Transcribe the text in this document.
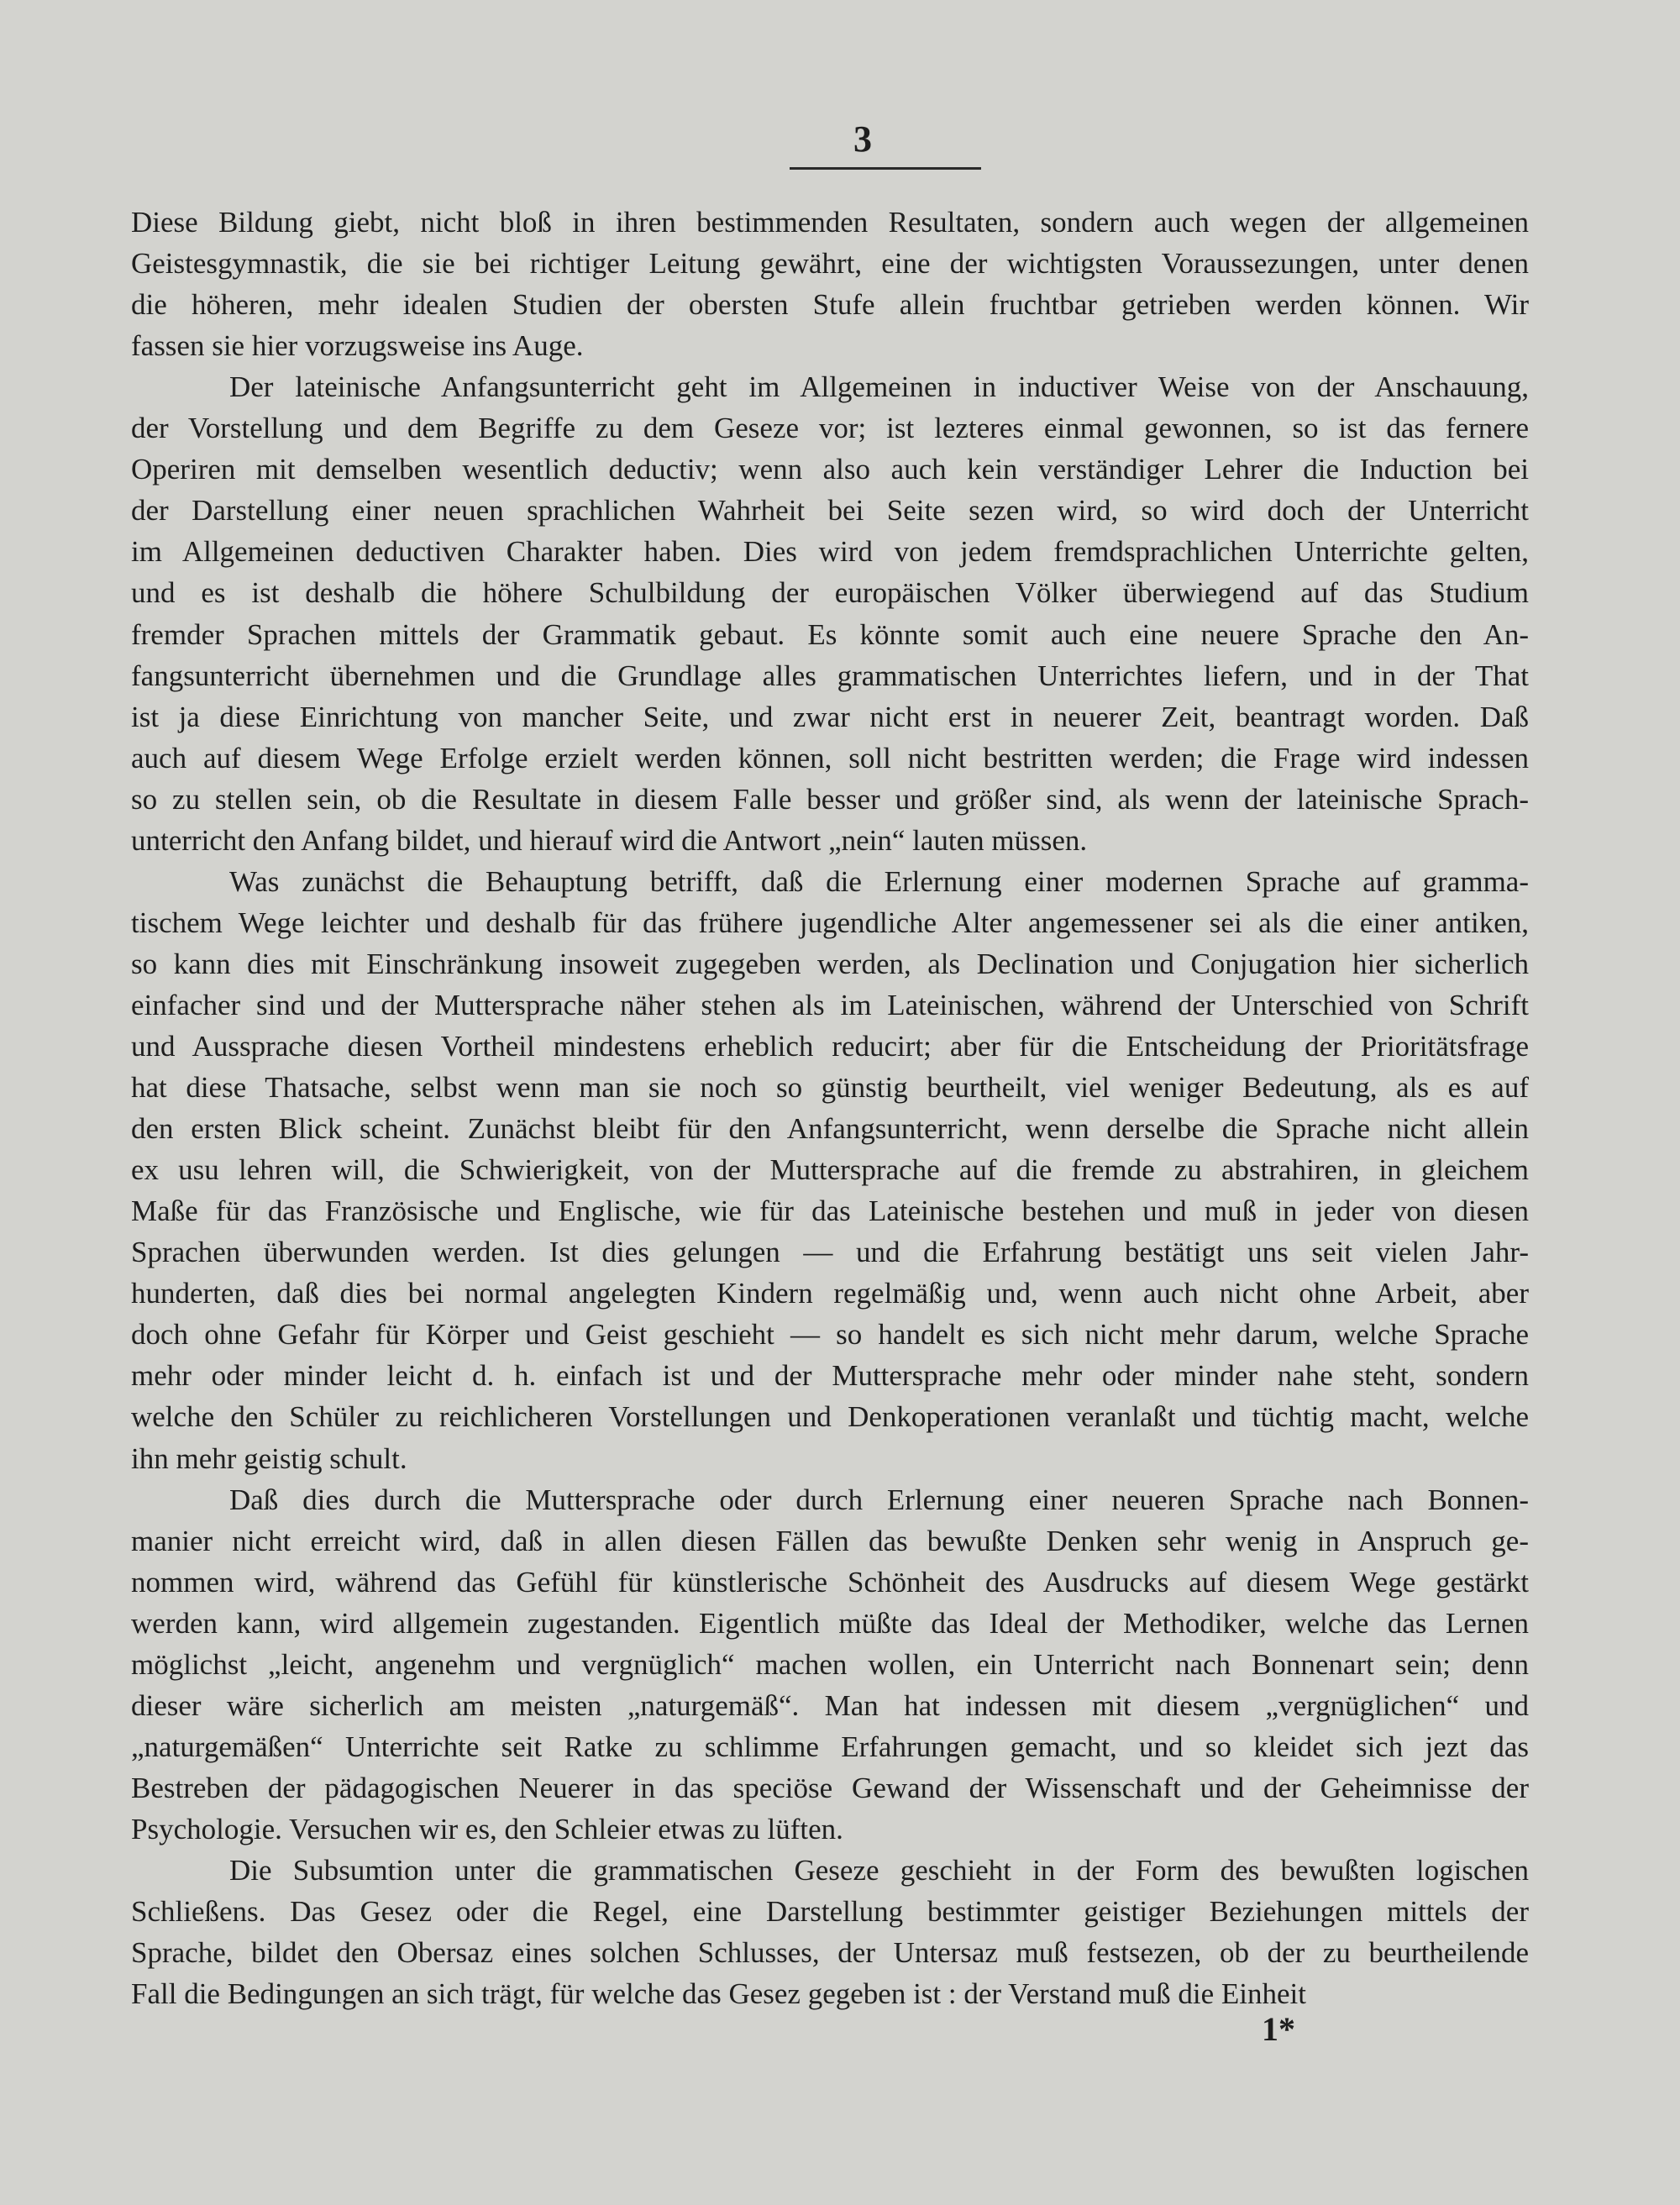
3
Diese Bildung giebt, nicht bloß in ihren bestimmenden Resultaten, sondern auch wegen der allgemeinen
Geistesgymnastik, die sie bei richtiger Leitung gewährt, eine der wichtigsten Voraussezungen, unter denen
die höheren, mehr idealen Studien der obersten Stufe allein fruchtbar getrieben werden können. Wir
fassen sie hier vorzugsweise ins Auge.
Der lateinische Anfangsunterricht geht im Allgemeinen in inductiver Weise von der Anschauung,
der Vorstellung und dem Begriffe zu dem Geseze vor; ist lezteres einmal gewonnen, so ist das fernere
Operiren mit demselben wesentlich deductiv; wenn also auch kein verständiger Lehrer die Induction bei
der Darstellung einer neuen sprachlichen Wahrheit bei Seite sezen wird, so wird doch der Unterricht
im Allgemeinen deductiven Charakter haben. Dies wird von jedem fremdsprachlichen Unterrichte gelten,
und es ist deshalb die höhere Schulbildung der europäischen Völker überwiegend auf das Studium
fremder Sprachen mittels der Grammatik gebaut. Es könnte somit auch eine neuere Sprache den An-
fangsunterricht übernehmen und die Grundlage alles grammatischen Unterrichtes liefern, und in der That
ist ja diese Einrichtung von mancher Seite, und zwar nicht erst in neuerer Zeit, beantragt worden. Daß
auch auf diesem Wege Erfolge erzielt werden können, soll nicht bestritten werden; die Frage wird indessen
so zu stellen sein, ob die Resultate in diesem Falle besser und größer sind, als wenn der lateinische Sprach-
unterricht den Anfang bildet, und hierauf wird die Antwort „nein“ lauten müssen.
Was zunächst die Behauptung betrifft, daß die Erlernung einer modernen Sprache auf gramma-
tischem Wege leichter und deshalb für das frühere jugendliche Alter angemessener sei als die einer antiken,
so kann dies mit Einschränkung insoweit zugegeben werden, als Declination und Conjugation hier sicherlich
einfacher sind und der Muttersprache näher stehen als im Lateinischen, während der Unterschied von Schrift
und Aussprache diesen Vortheil mindestens erheblich reducirt; aber für die Entscheidung der Prioritätsfrage
hat diese Thatsache, selbst wenn man sie noch so günstig beurtheilt, viel weniger Bedeutung, als es auf
den ersten Blick scheint. Zunächst bleibt für den Anfangsunterricht, wenn derselbe die Sprache nicht allein
ex usu lehren will, die Schwierigkeit, von der Muttersprache auf die fremde zu abstrahiren, in gleichem
Maße für das Französische und Englische, wie für das Lateinische bestehen und muß in jeder von diesen
Sprachen überwunden werden. Ist dies gelungen — und die Erfahrung bestätigt uns seit vielen Jahr-
hunderten, daß dies bei normal angelegten Kindern regelmäßig und, wenn auch nicht ohne Arbeit, aber
doch ohne Gefahr für Körper und Geist geschieht — so handelt es sich nicht mehr darum, welche Sprache
mehr oder minder leicht d. h. einfach ist und der Muttersprache mehr oder minder nahe steht, sondern
welche den Schüler zu reichlicheren Vorstellungen und Denkoperationen veranlaßt und tüchtig macht, welche
ihn mehr geistig schult.
Daß dies durch die Muttersprache oder durch Erlernung einer neueren Sprache nach Bonnen-
manier nicht erreicht wird, daß in allen diesen Fällen das bewußte Denken sehr wenig in Anspruch ge-
nommen wird, während das Gefühl für künstlerische Schönheit des Ausdrucks auf diesem Wege gestärkt
werden kann, wird allgemein zugestanden. Eigentlich müßte das Ideal der Methodiker, welche das Lernen
möglichst „leicht, angenehm und vergnüglich“ machen wollen, ein Unterricht nach Bonnenart sein; denn
dieser wäre sicherlich am meisten „naturgemäß“. Man hat indessen mit diesem „vergnüglichen“ und
„naturgemäßen“ Unterrichte seit Ratke zu schlimme Erfahrungen gemacht, und so kleidet sich jezt das
Bestreben der pädagogischen Neuerer in das speciöse Gewand der Wissenschaft und der Geheimnisse der
Psychologie. Versuchen wir es, den Schleier etwas zu lüften.
Die Subsumtion unter die grammatischen Geseze geschieht in der Form des bewußten logischen
Schließens. Das Gesez oder die Regel, eine Darstellung bestimmter geistiger Beziehungen mittels der
Sprache, bildet den Obersaz eines solchen Schlusses, der Untersaz muß festsezen, ob der zu beurtheilende
Fall die Bedingungen an sich trägt, für welche das Gesez gegeben ist : der Verstand muß die Einheit
1*
